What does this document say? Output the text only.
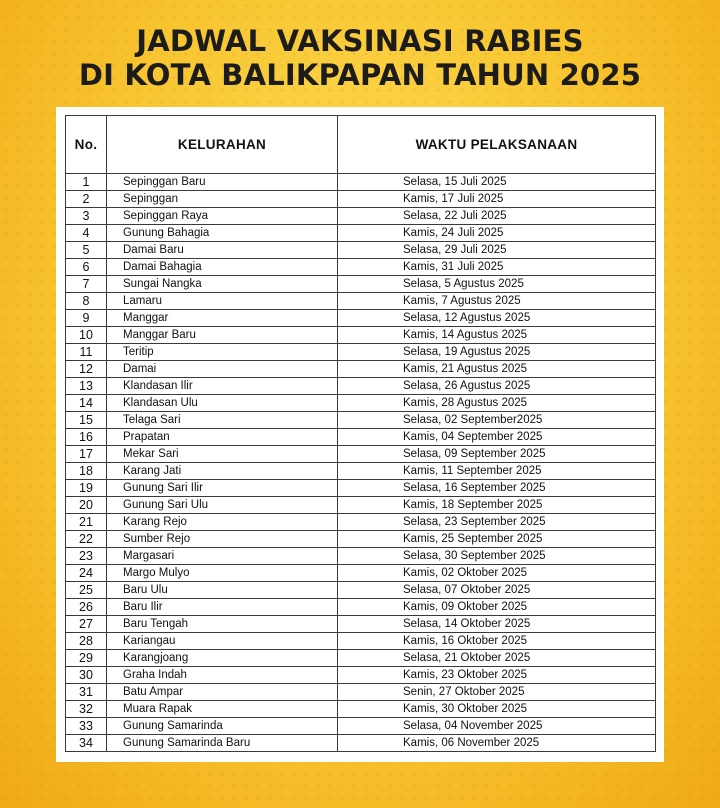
JADWAL VAKSINASI RABIES
DI KOTA BALIKPAPAN TAHUN 2025
No.	KELURAHAN	WAKTU PELAKSANAAN
1	Sepinggan Baru	Selasa, 15 Juli 2025
2	Sepinggan	Kamis, 17 Juli 2025
3	Sepinggan Raya	Selasa, 22 Juli 2025
4	Gunung Bahagia	Kamis, 24 Juli 2025
5	Damai Baru	Selasa, 29 Juli 2025
6	Damai Bahagia	Kamis, 31 Juli 2025
7	Sungai Nangka	Selasa, 5 Agustus 2025
8	Lamaru	Kamis, 7 Agustus 2025
9	Manggar	Selasa, 12 Agustus 2025
10	Manggar Baru	Kamis, 14 Agustus 2025
11	Teritip	Selasa, 19 Agustus 2025
12	Damai	Kamis, 21 Agustus 2025
13	Klandasan Ilir	Selasa, 26 Agustus 2025
14	Klandasan Ulu	Kamis, 28 Agustus 2025
15	Telaga Sari	Selasa, 02 September2025
16	Prapatan	Kamis, 04 September 2025
17	Mekar Sari	Selasa, 09 September 2025
18	Karang Jati	Kamis, 11 September 2025
19	Gunung Sari Ilir	Selasa, 16 September 2025
20	Gunung Sari Ulu	Kamis, 18 September 2025
21	Karang Rejo	Selasa, 23 September 2025
22	Sumber Rejo	Kamis, 25 September 2025
23	Margasari	Selasa, 30 September 2025
24	Margo Mulyo	Kamis, 02 Oktober 2025
25	Baru Ulu	Selasa, 07 Oktober 2025
26	Baru Ilir	Kamis, 09 Oktober 2025
27	Baru Tengah	Selasa, 14 Oktober 2025
28	Kariangau	Kamis, 16 Oktober 2025
29	Karangjoang	Selasa, 21 Oktober 2025
30	Graha Indah	Kamis, 23 Oktober 2025
31	Batu Ampar	Senin, 27 Oktober 2025
32	Muara Rapak	Kamis, 30 Oktober 2025
33	Gunung Samarinda	Selasa, 04 November 2025
34	Gunung Samarinda Baru	Kamis, 06 November 2025
